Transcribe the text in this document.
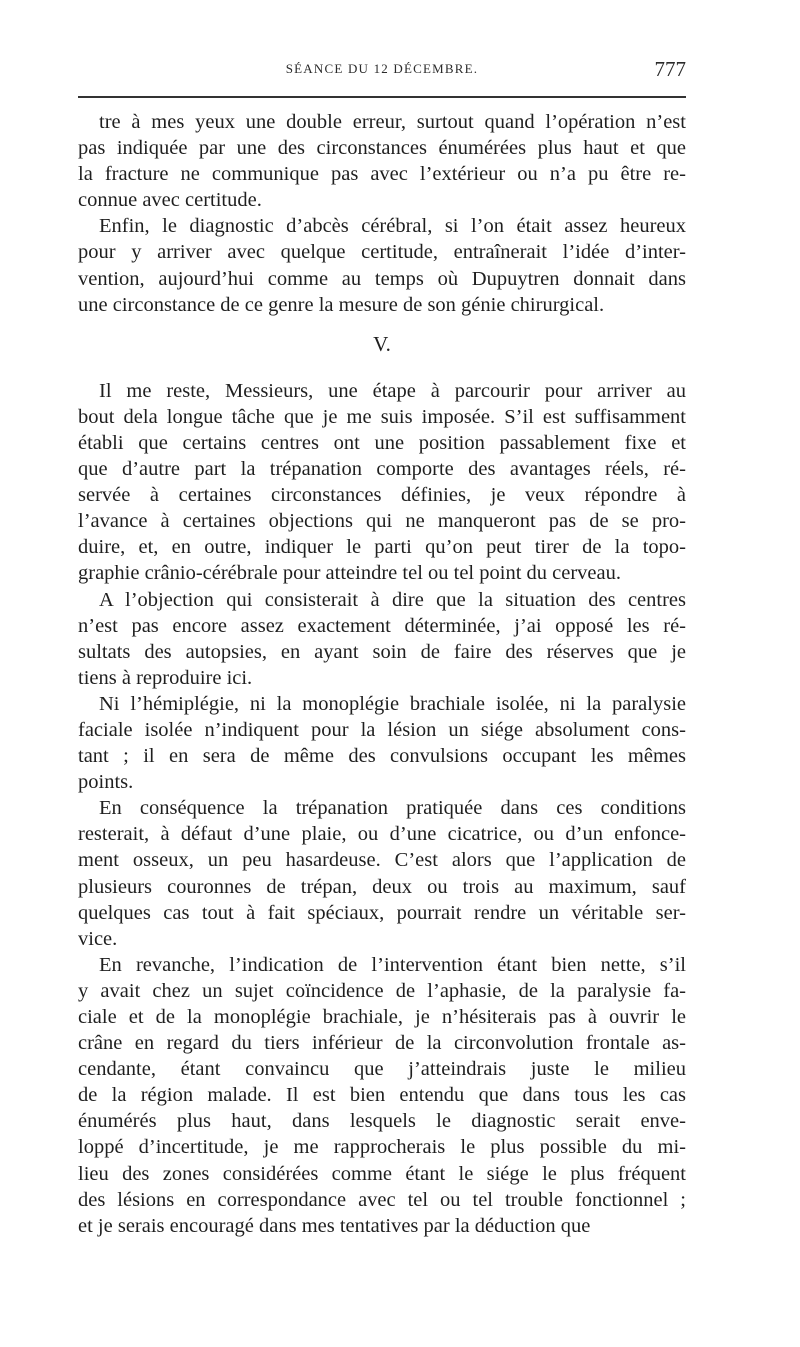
SÉANCE DU 12 DÉCEMBRE.	777
tre à mes yeux une double erreur, surtout quand l’opération n’est
pas indiquée par une des circonstances énumérées plus haut et que
la fracture ne communique pas avec l’extérieur ou n’a pu être re-
connue avec certitude.
Enfin, le diagnostic d’abcès cérébral, si l’on était assez heureux
pour y arriver avec quelque certitude, entraînerait l’idée d’inter-
vention, aujourd’hui comme au temps où Dupuytren donnait dans
une circonstance de ce genre la mesure de son génie chirurgical.
V.
Il me reste, Messieurs, une étape à parcourir pour arriver au
bout dela longue tâche que je me suis imposée. S’il est suffisamment
établi que certains centres ont une position passablement fixe et
que d’autre part la trépanation comporte des avantages réels, ré-
servée à certaines circonstances définies, je veux répondre à
l’avance à certaines objections qui ne manqueront pas de se pro-
duire, et, en outre, indiquer le parti qu’on peut tirer de la topo-
graphie crânio-cérébrale pour atteindre tel ou tel point du cerveau.
A l’objection qui consisterait à dire que la situation des centres
n’est pas encore assez exactement déterminée, j’ai opposé les ré-
sultats des autopsies, en ayant soin de faire des réserves que je
tiens à reproduire ici.
Ni l’hémiplégie, ni la monoplégie brachiale isolée, ni la paralysie
faciale isolée n’indiquent pour la lésion un siége absolument cons-
tant ; il en sera de même des convulsions occupant les mêmes
points.
En conséquence la trépanation pratiquée dans ces conditions
resterait, à défaut d’une plaie, ou d’une cicatrice, ou d’un enfonce-
ment osseux, un peu hasardeuse. C’est alors que l’application de
plusieurs couronnes de trépan, deux ou trois au maximum, sauf
quelques cas tout à fait spéciaux, pourrait rendre un véritable ser-
vice.
En revanche, l’indication de l’intervention étant bien nette, s’il
y avait chez un sujet coïncidence de l’aphasie, de la paralysie fa-
ciale et de la monoplégie brachiale, je n’hésiterais pas à ouvrir le
crâne en regard du tiers inférieur de la circonvolution frontale as-
cendante, étant convaincu que j’atteindrais juste le milieu
de la région malade. Il est bien entendu que dans tous les cas
énumérés plus haut, dans lesquels le diagnostic serait enve-
loppé d’incertitude, je me rapprocherais le plus possible du mi-
lieu des zones considérées comme étant le siége le plus fréquent
des lésions en correspondance avec tel ou tel trouble fonctionnel ;
et je serais encouragé dans mes tentatives par la déduction que
